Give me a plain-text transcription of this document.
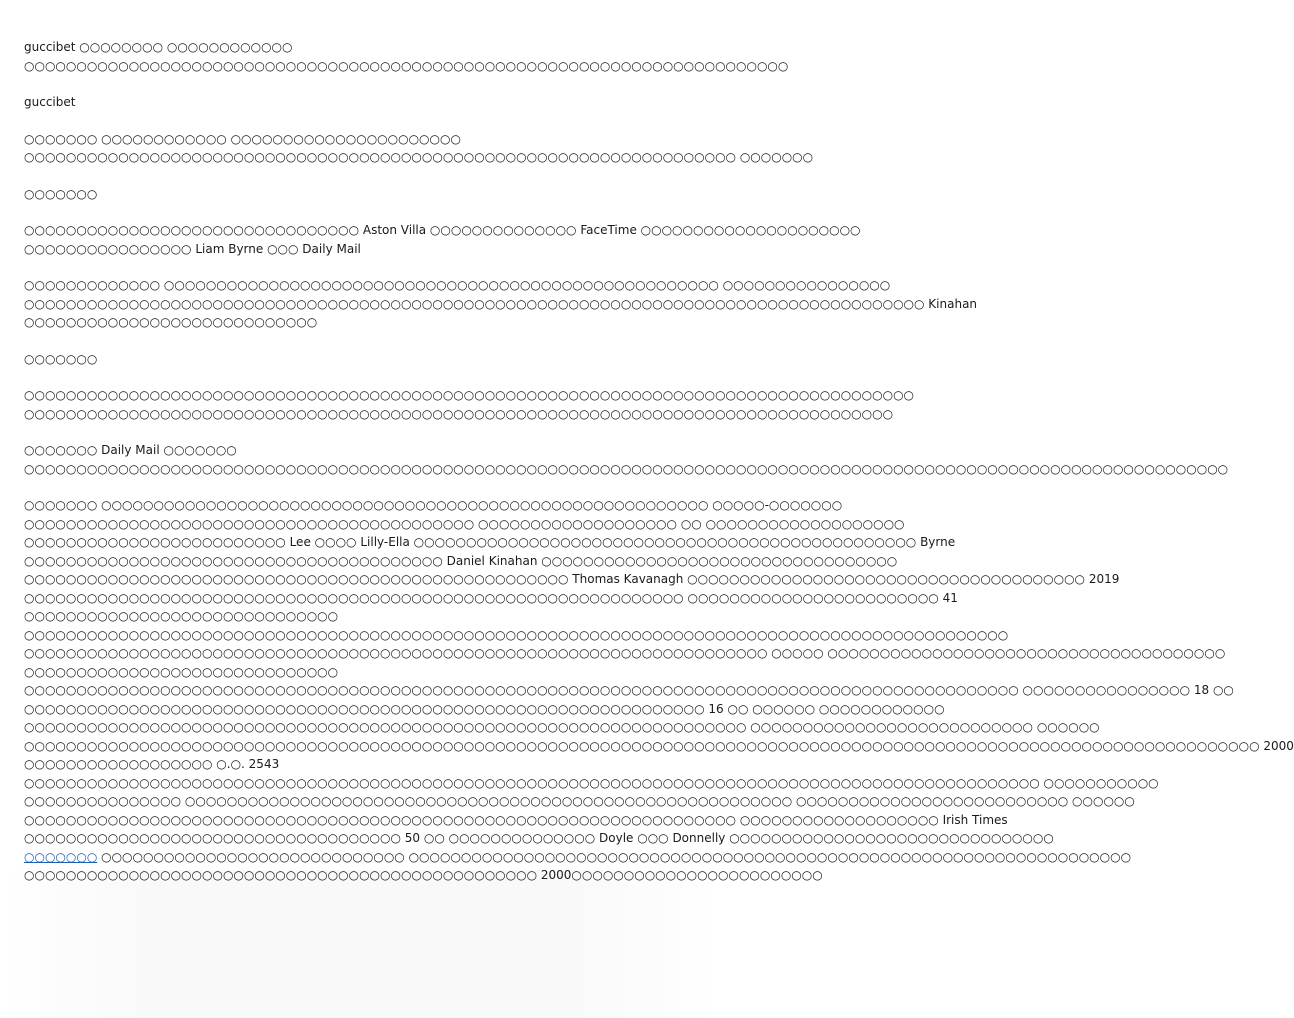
guccibet ○○○○○○○○ ○○○○○○○○○○○○
○○○○○○○○○○○○○○○○○○○○○○○○○○○○○○○○○○○○○○○○○○○○○○○○○○○○○○○○○○○○○○○○○○○○○○○○○
guccibet
○○○○○○○ ○○○○○○○○○○○○ ○○○○○○○○○○○○○○○○○○○○○○
○○○○○○○○○○○○○○○○○○○○○○○○○○○○○○○○○○○○○○○○○○○○○○○○○○○○○○○○○○○○○○○○○○○○ ○○○○○○○
○○○○○○○
○○○○○○○○○○○○○○○○○○○○○○○○○○○○○○○○ Aston Villa ○○○○○○○○○○○○○○ FaceTime ○○○○○○○○○○○○○○○○○○○○○
○○○○○○○○○○○○○○○○ Liam Byrne ○○○ Daily Mail
○○○○○○○○○○○○○ ○○○○○○○○○○○○○○○○○○○○○○○○○○○○○○○○○○○○○○○○○○○○○○○○○○○○○ ○○○○○○○○○○○○○○○○
○○○○○○○○○○○○○○○○○○○○○○○○○○○○○○○○○○○○○○○○○○○○○○○○○○○○○○○○○○○○○○○○○○○○○○○○○○○○○○○○○○○○○○ Kinahan
○○○○○○○○○○○○○○○○○○○○○○○○○○○○
○○○○○○○
○○○○○○○○○○○○○○○○○○○○○○○○○○○○○○○○○○○○○○○○○○○○○○○○○○○○○○○○○○○○○○○○○○○○○○○○○○○○○○○○○○○○○
○○○○○○○○○○○○○○○○○○○○○○○○○○○○○○○○○○○○○○○○○○○○○○○○○○○○○○○○○○○○○○○○○○○○○○○○○○○○○○○○○○○
○○○○○○○ Daily Mail ○○○○○○○
○○○○○○○○○○○○○○○○○○○○○○○○○○○○○○○○○○○○○○○○○○○○○○○○○○○○○○○○○○○○○○○○○○○○○○○○○○○○○○○○○○○○○○○○○○○○○○○○○○○○○○○○○○○○○○○○○○○
○○○○○○○ ○○○○○○○○○○○○○○○○○○○○○○○○○○○○○○○○○○○○○○○○○○○○○○○○○○○○○○○○○○ ○○○○○-○○○○○○○
○○○○○○○○○○○○○○○○○○○○○○○○○○○○○○○○○○○○○○○○○○○ ○○○○○○○○○○○○○○○○○○○ ○○ ○○○○○○○○○○○○○○○○○○○
○○○○○○○○○○○○○○○○○○○○○○○○○ Lee ○○○○ Lilly-Ella ○○○○○○○○○○○○○○○○○○○○○○○○○○○○○○○○○○○○○○○○○○○○○○○○ Byrne
○○○○○○○○○○○○○○○○○○○○○○○○○○○○○○○○○○○○○○○○ Daniel Kinahan ○○○○○○○○○○○○○○○○○○○○○○○○○○○○○○○○○○
○○○○○○○○○○○○○○○○○○○○○○○○○○○○○○○○○○○○○○○○○○○○○○○○○○○○ Thomas Kavanagh ○○○○○○○○○○○○○○○○○○○○○○○○○○○○○○○○○○○○○○ 2019
○○○○○○○○○○○○○○○○○○○○○○○○○○○○○○○○○○○○○○○○○○○○○○○○○○○○○○○○○○○○○○○ ○○○○○○○○○○○○○○○○○○○○○○○○ 41
○○○○○○○○○○○○○○○○○○○○○○○○○○○○○○
○○○○○○○○○○○○○○○○○○○○○○○○○○○○○○○○○○○○○○○○○○○○○○○○○○○○○○○○○○○○○○○○○○○○○○○○○○○○○○○○○○○○○○○○○○○○○○
○○○○○○○○○○○○○○○○○○○○○○○○○○○○○○○○○○○○○○○○○○○○○○○○○○○○○○○○○○○○○○○○○○○○○○○ ○○○○○ ○○○○○○○○○○○○○○○○○○○○○○○○○○○○○○○○○○○○○○
○○○○○○○○○○○○○○○○○○○○○○○○○○○○○○
○○○○○○○○○○○○○○○○○○○○○○○○○○○○○○○○○○○○○○○○○○○○○○○○○○○○○○○○○○○○○○○○○○○○○○○○○○○○○○○○○○○○○○○○○○○○○○○ ○○○○○○○○○○○○○○○○ 18 ○○
○○○○○○○○○○○○○○○○○○○○○○○○○○○○○○○○○○○○○○○○○○○○○○○○○○○○○○○○○○○○○○○○○ 16 ○○ ○○○○○○ ○○○○○○○○○○○○
○○○○○○○○○○○○○○○○○○○○○○○○○○○○○○○○○○○○○○○○○○○○○○○○○○○○○○○○○○○○○○○○○○○○○ ○○○○○○○○○○○○○○○○○○○○○○○○○○○ ○○○○○○
○○○○○○○○○○○○○○○○○○○○○○○○○○○○○○○○○○○○○○○○○○○○○○○○○○○○○○○○○○○○○○○○○○○○○○○○○○○○○○○○○○○○○○○○○○○○○○○○○○○○○○○○○○○○○○○○○○○○○○ 2000
○○○○○○○○○○○○○○○○○○ ○.○. 2543
○○○○○○○○○○○○○○○○○○○○○○○○○○○○○○○○○○○○○○○○○○○○○○○○○○○○○○○○○○○○○○○○○○○○○○○○○○○○○○○○○○○○○○○○○○○○○○○○○ ○○○○○○○○○○○
○○○○○○○○○○○○○○○ ○○○○○○○○○○○○○○○○○○○○○○○○○○○○○○○○○○○○○○○○○○○○○○○○○○○○○○○○○○ ○○○○○○○○○○○○○○○○○○○○○○○○○○ ○○○○○○
○○○○○○○○○○○○○○○○○○○○○○○○○○○○○○○○○○○○○○○○○○○○○○○○○○○○○○○○○○○○○○○○○○○○ ○○○○○○○○○○○○○○○○○○○ Irish Times
○○○○○○○○○○○○○○○○○○○○○○○○○○○○○○○○○○○○ 50 ○○ ○○○○○○○○○○○○○○ Doyle ○○○ Donnelly ○○○○○○○○○○○○○○○○○○○○○○○○○○○○○○○
○○○○○○○ ○○○○○○○○○○○○○○○○○○○○○○○○○○○○○ ○○○○○○○○○○○○○○○○○○○○○○○○○○○○○○○○○○○○○○○○○○○○○○○○○○○○○○○○○○○○○○○○○○○○○
○○○○○○○○○○○○○○○○○○○○○○○○○○○○○○○○○○○○○○○○○○○○○○○○○ 2000○○○○○○○○○○○○○○○○○○○○○○○○
